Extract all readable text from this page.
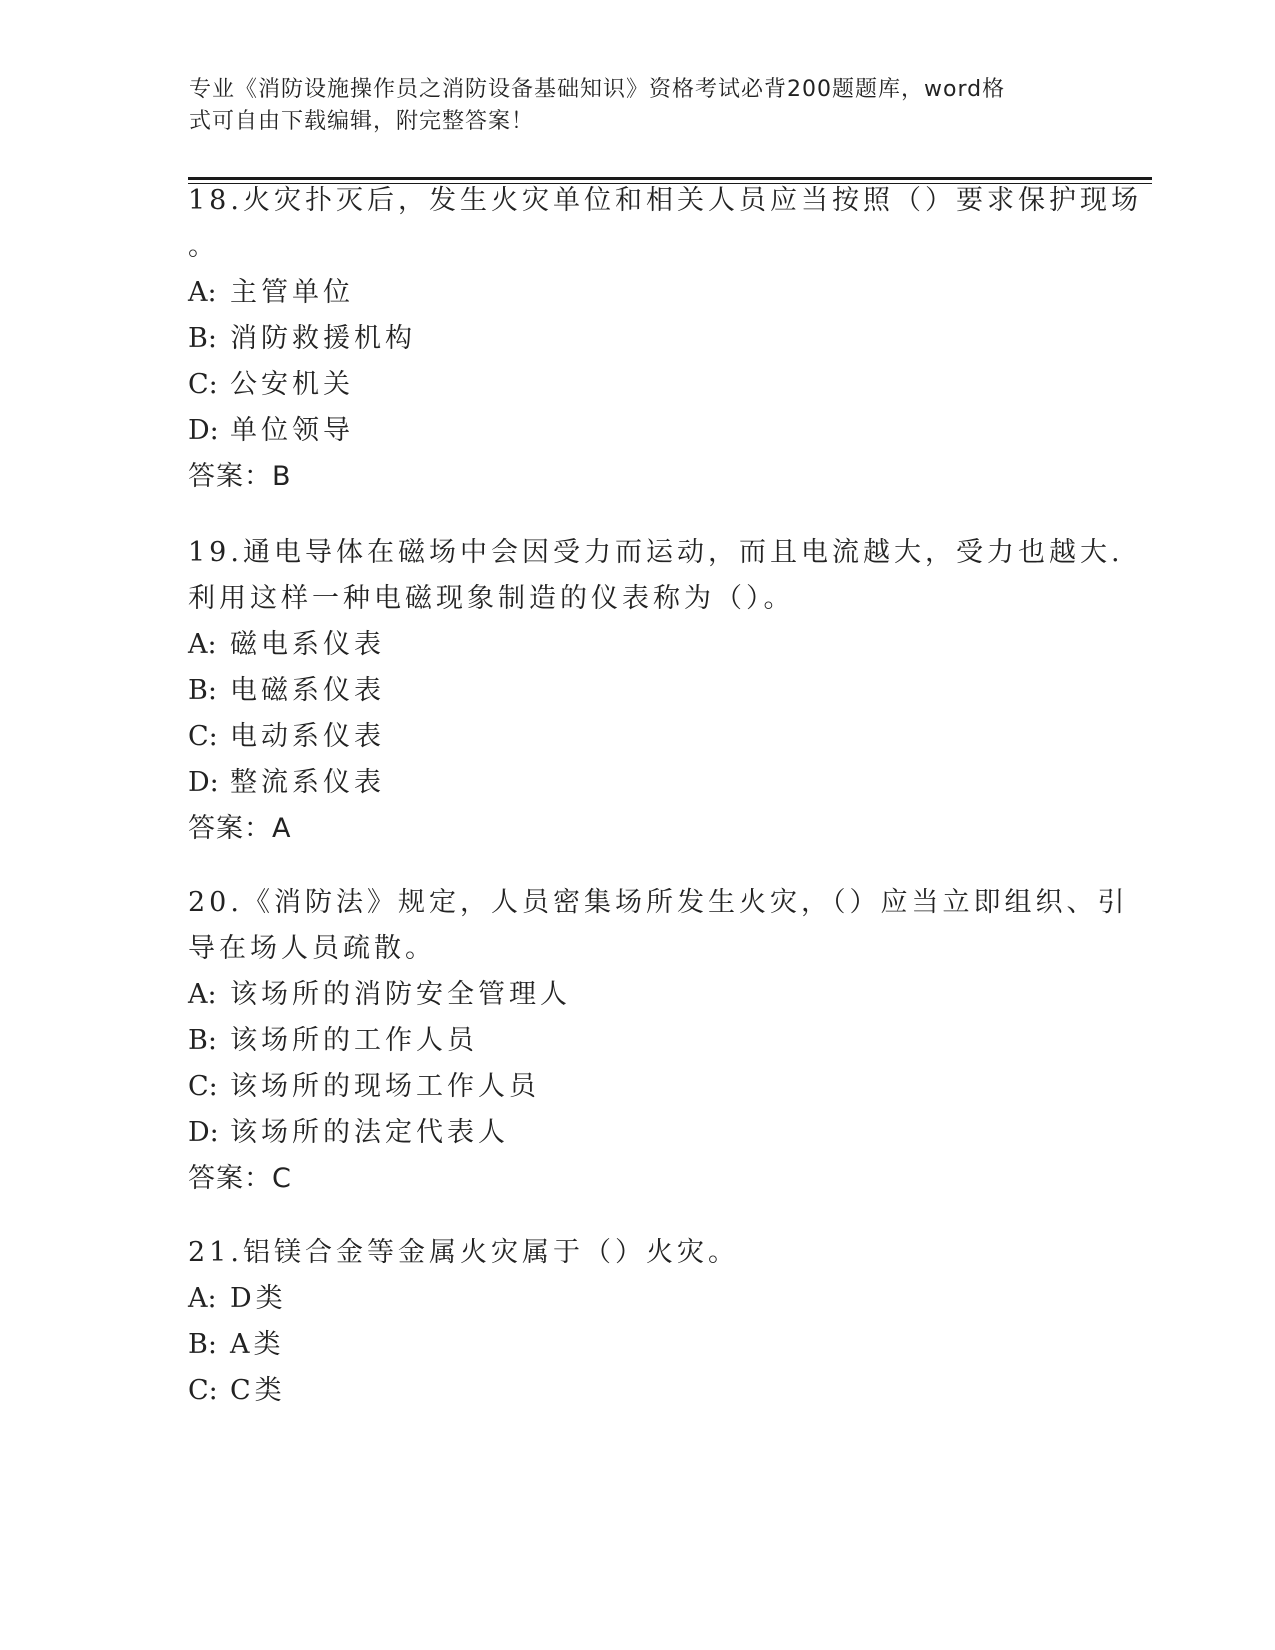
专业《消防设施操作员之消防设备基础知识》资格考试必背200题题库，word格
式可自由下载编辑，附完整答案！
18.火灾扑灭后，发生火灾单位和相关人员应当按照（）要求保护现场
。
A: 主管单位
B: 消防救援机构
C: 公安机关
D: 单位领导
答案：B
19.通电导体在磁场中会因受力而运动，而且电流越大，受力也越大.
利用这样一种电磁现象制造的仪表称为（）。
A: 磁电系仪表
B: 电磁系仪表
C: 电动系仪表
D: 整流系仪表
答案：A
20.《消防法》规定，人员密集场所发生火灾，（）应当立即组织、引
导在场人员疏散。
A: 该场所的消防安全管理人
B: 该场所的工作人员
C: 该场所的现场工作人员
D: 该场所的法定代表人
答案：C
21.铝镁合金等金属火灾属于（）火灾。
A: D类
B: A类
C: C类
